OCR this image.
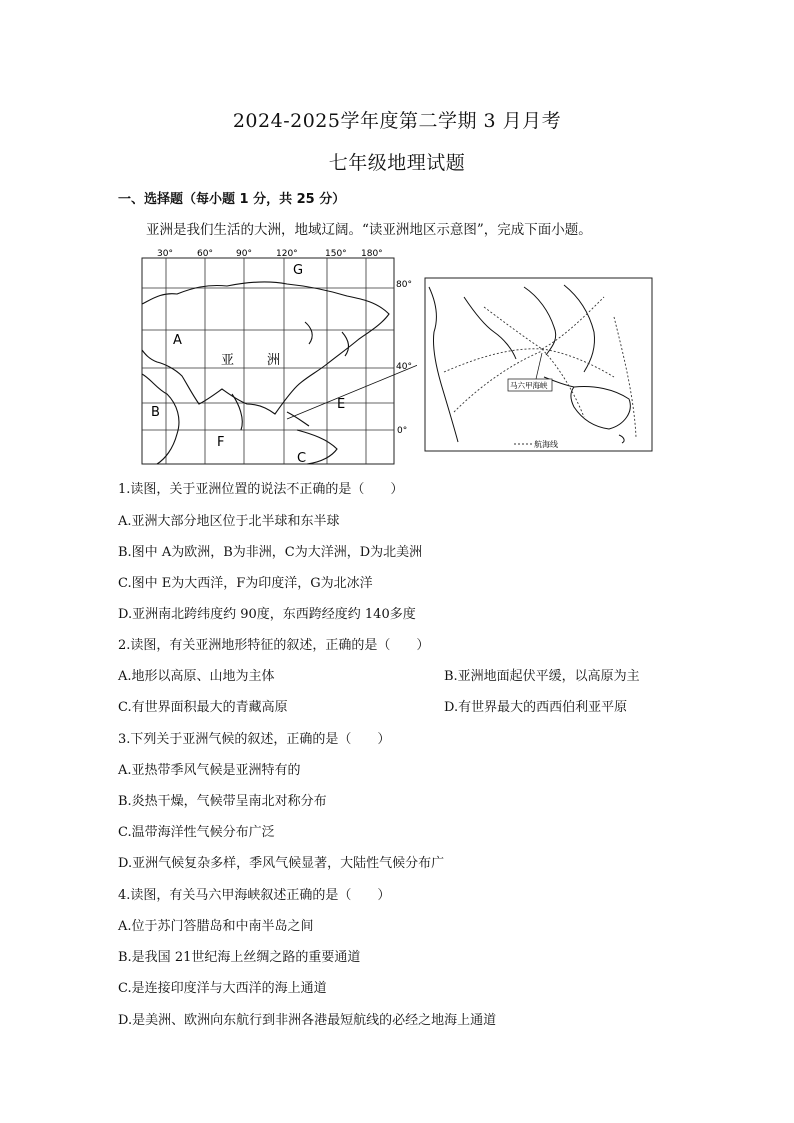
2024-2025学年度第二学期 3 月月考
七年级地理试题
一、选择题（每小题 1 分，共 25 分）
亚洲是我们生活的大洲，地域辽阔。“读亚洲地区示意图”，完成下面小题。
30°	60°	90°	120°	150° 180°
80°
40°
0°
A
B
C
E
F
G
亚	洲
马六甲海峡
航海线
1.读图，关于亚洲位置的说法不正确的是（　　）
A.亚洲大部分地区位于北半球和东半球
B.图中 A为欧洲，B为非洲，C为大洋洲，D为北美洲
C.图中 E为大西洋，F为印度洋，G为北冰洋
D.亚洲南北跨纬度约 90度，东西跨经度约 140多度
2.读图，有关亚洲地形特征的叙述，正确的是（　　）
A.地形以高原、山地为主体	B.亚洲地面起伏平缓，以高原为主
C.有世界面积最大的青藏高原	D.有世界最大的西西伯利亚平原
3.下列关于亚洲气候的叙述，正确的是（　　）
A.亚热带季风气候是亚洲特有的
B.炎热干燥，气候带呈南北对称分布
C.温带海洋性气候分布广泛
D.亚洲气候复杂多样，季风气候显著，大陆性气候分布广
4.读图，有关马六甲海峡叙述正确的是（　　）
A.位于苏门答腊岛和中南半岛之间
B.是我国 21世纪海上丝绸之路的重要通道
C.是连接印度洋与大西洋的海上通道
D.是美洲、欧洲向东航行到非洲各港最短航线的必经之地海上通道
